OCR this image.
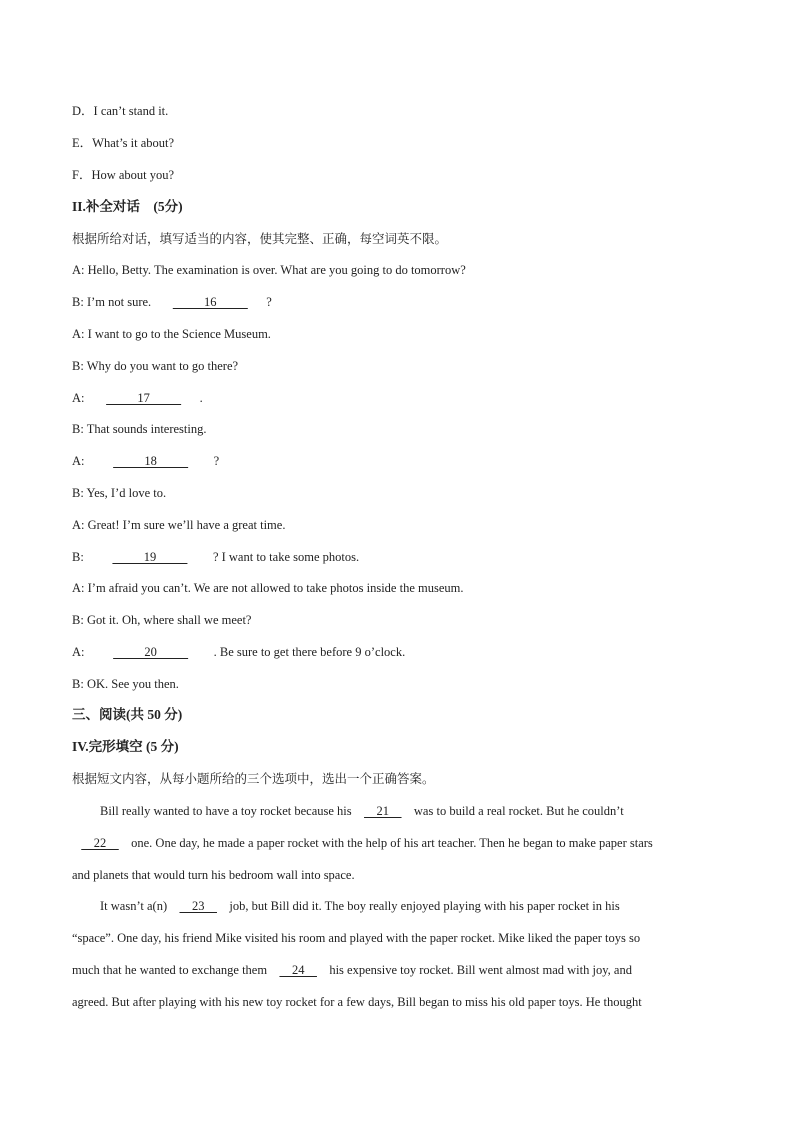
D．I can’t stand it.
E．What’s it about?
F．How about you?
II.补全对话　(5分)
根据所给对话，填写适当的内容，使其完整、正确，每空词英不限。
A: Hello, Betty. The examination is over. What are you going to do tomorrow?
B: I’m not sure.           16          ?
A: I want to go to the Science Museum.
B: Why do you want to go there?
A:           17          .
B: That sounds interesting.
A:           18          ?
B: Yes, I’d love to.
A: Great! I’m sure we’ll have a great time.
B:           19          ? I want to take some photos.
A: I’m afraid you can’t. We are not allowed to take photos inside the museum.
B: Got it. Oh, where shall we meet?
A:           20          . Be sure to get there before 9 o’clock.
B: OK. See you then.
三、阅读(共 50 分)
IV.完形填空 (5 分)
根据短文内容，从每小题所给的三个选项中，选出一个正确答案。
Bill really wanted to have a toy rocket because his     21     was to build a real rocket. But he couldn’t
22     one. One day, he made a paper rocket with the help of his art teacher. Then he began to make paper stars
and planets that would turn his bedroom wall into space.
It wasn’t a(n)     23     job, but Bill did it. The boy really enjoyed playing with his paper rocket in his
“space”. One day, his friend Mike visited his room and played with the paper rocket. Mike liked the paper toys so
much that he wanted to exchange them     24     his expensive toy rocket. Bill went almost mad with joy, and
agreed. But after playing with his new toy rocket for a few days, Bill began to miss his old paper toys. He thought
